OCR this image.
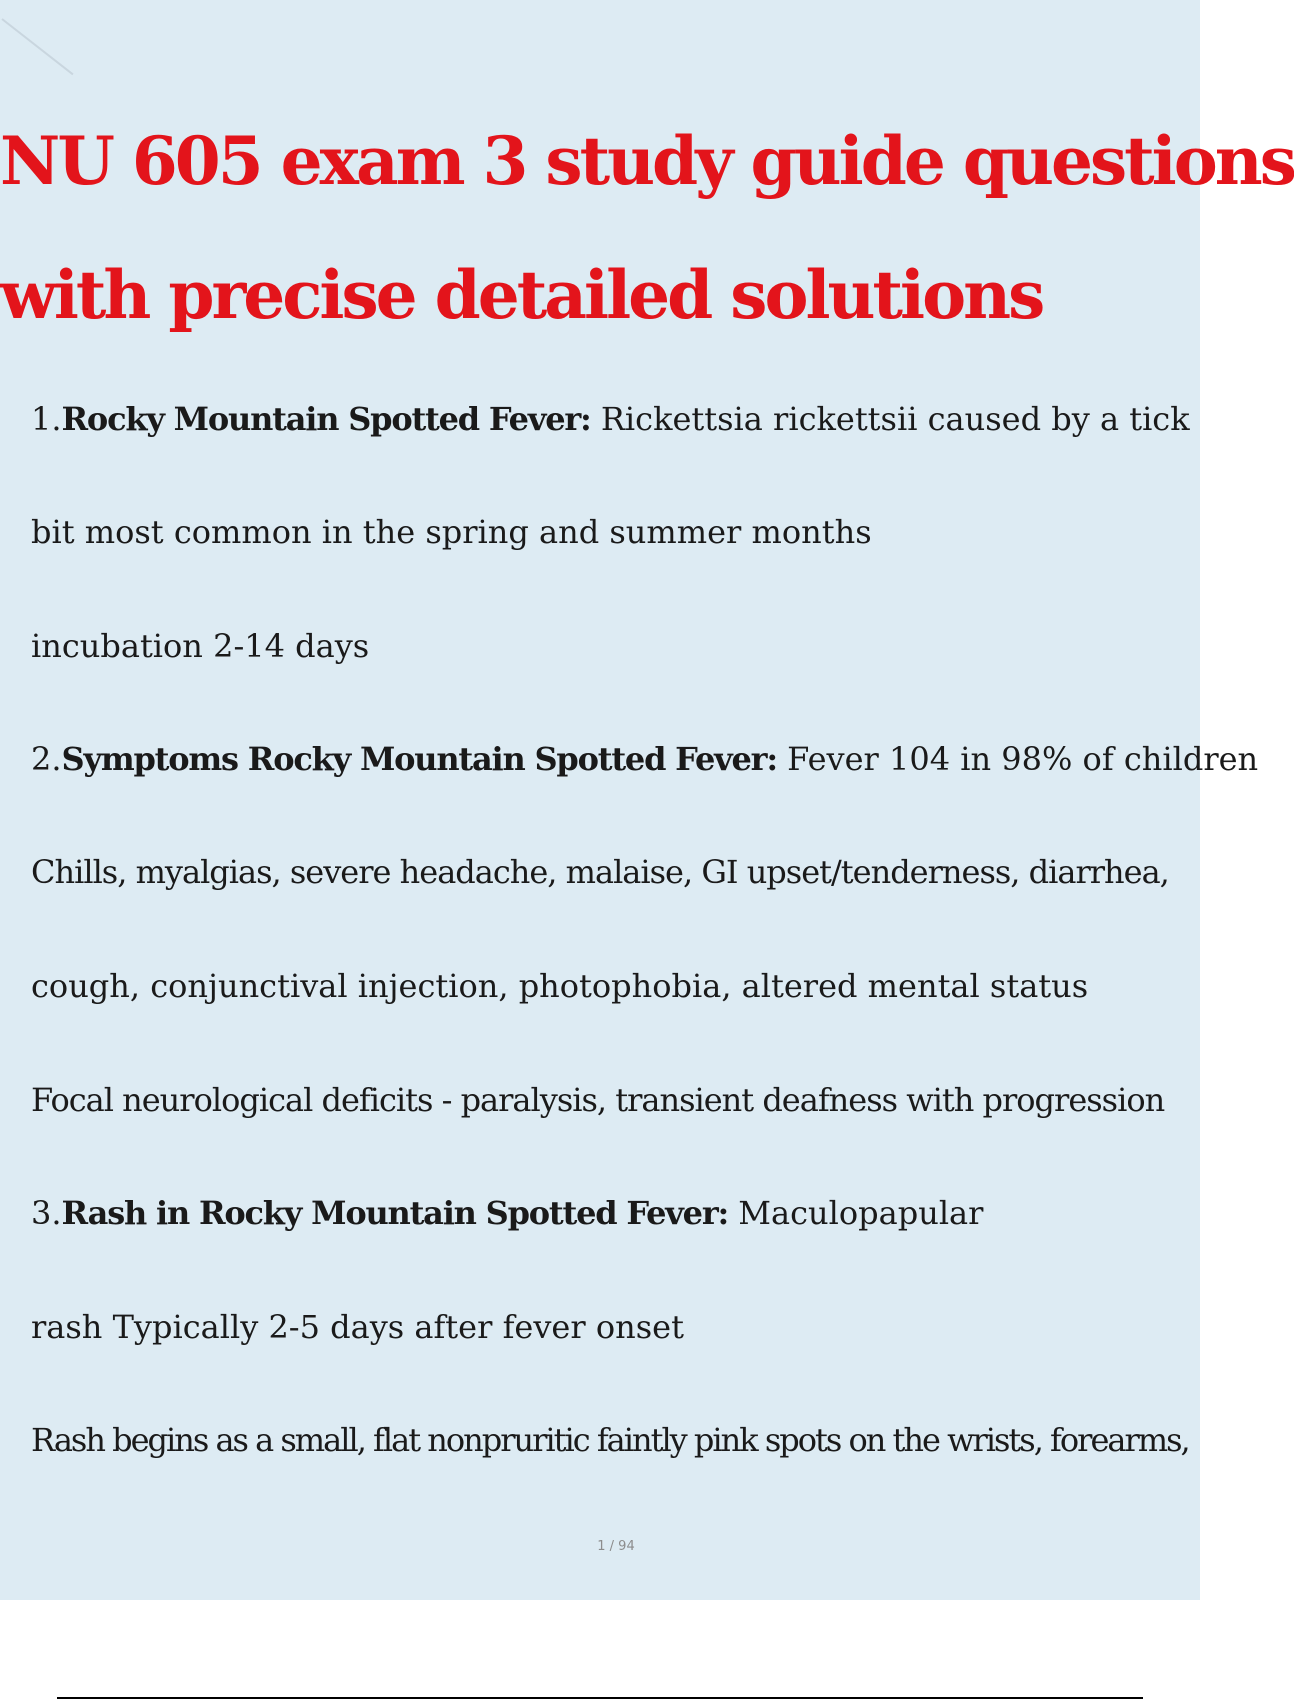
NU 605 exam 3 study guide questions
with precise detailed solutions
1.Rocky Mountain Spotted Fever: Rickettsia rickettsii caused by a tick
bit most common in the spring and summer months
incubation 2-14 days
2.Symptoms Rocky Mountain Spotted Fever: Fever 104 in 98% of children
Chills, myalgias, severe headache, malaise, GI upset/tenderness, diarrhea,
cough, conjunctival injection, photophobia, altered mental status
Focal neurological deficits - paralysis, transient deafness with progression
3.Rash in Rocky Mountain Spotted Fever: Maculopapular
rash Typically 2-5 days after fever onset
Rash begins as a small, flat nonpruritic faintly pink spots on the wrists, forearms,
1 / 94
